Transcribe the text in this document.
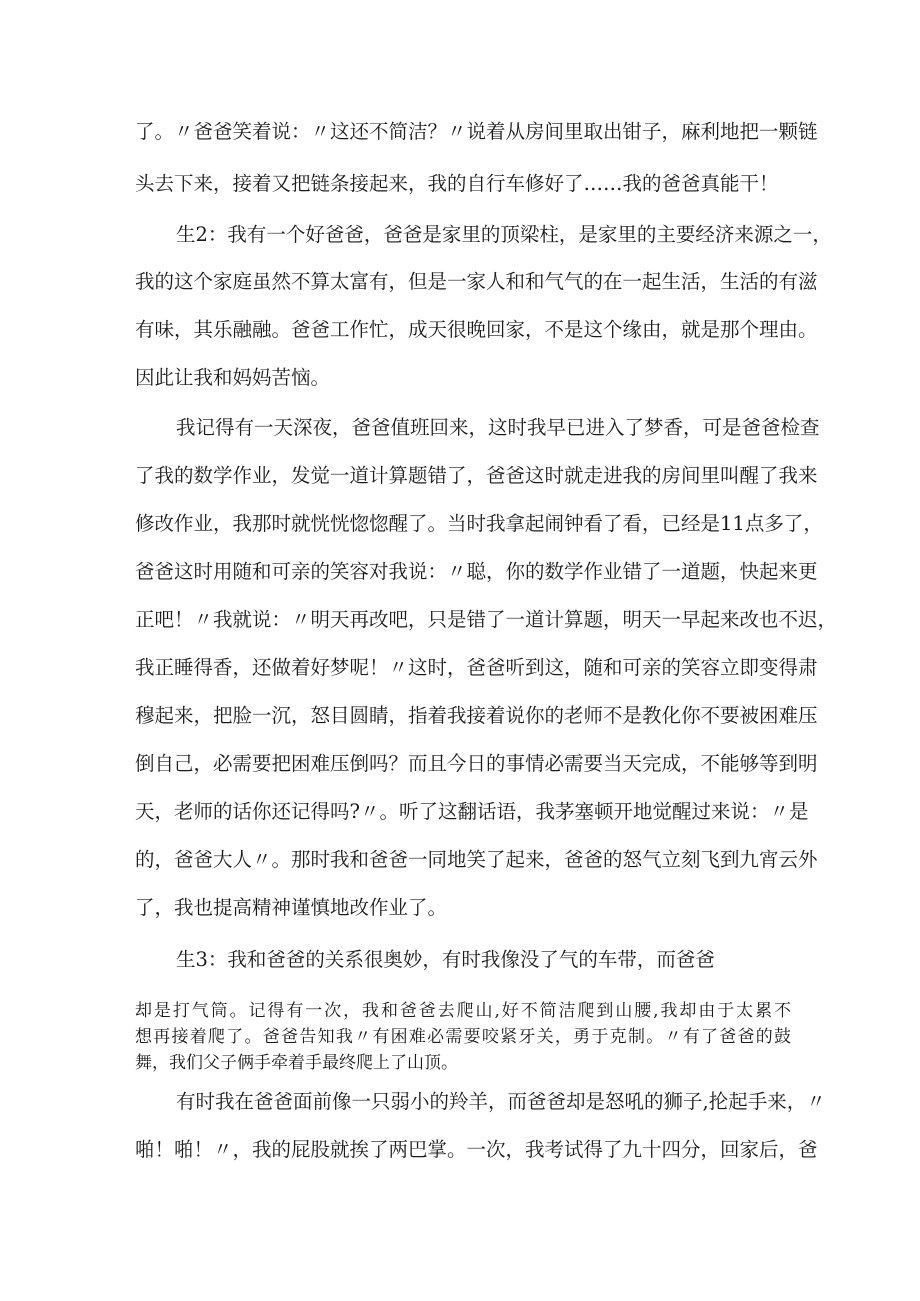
了。〃爸爸笑着说：〃这还不简洁？〃说着从房间里取出钳子，麻利地把一颗链
头去下来，接着又把链条接起来，我的自行车修好了……我的爸爸真能干！
生2：我有一个好爸爸，爸爸是家里的顶梁柱，是家里的主要经济来源之一，
我的这个家庭虽然不算太富有，但是一家人和和气气的在一起生活，生活的有滋
有味，其乐融融。爸爸工作忙，成天很晚回家，不是这个缘由，就是那个理由。
因此让我和妈妈苦恼。
我记得有一天深夜，爸爸值班回来，这时我早已进入了梦香，可是爸爸检查
了我的数学作业，发觉一道计算题错了，爸爸这时就走进我的房间里叫醒了我来
修改作业，我那时就恍恍惚惚醒了。当时我拿起闹钟看了看，已经是11点多了，
爸爸这时用随和可亲的笑容对我说：〃聪，你的数学作业错了一道题，快起来更
正吧！〃我就说：〃明天再改吧，只是错了一道计算题，明天一早起来改也不迟，
我正睡得香，还做着好梦呢！〃这时，爸爸听到这，随和可亲的笑容立即变得肃
穆起来，把脸一沉，怒目圆睛，指着我接着说你的老师不是教化你不要被困难压
倒自己，必需要把困难压倒吗？而且今日的事情必需要当天完成，不能够等到明
天，老师的话你还记得吗?〃。听了这翻话语，我茅塞顿开地觉醒过来说：〃是
的，爸爸大人〃。那时我和爸爸一同地笑了起来，爸爸的怒气立刻飞到九宵云外
了，我也提高精神谨慎地改作业了。
生3：我和爸爸的关系很奥妙，有时我像没了气的车带，而爸爸
却是打气筒。记得有一次，我和爸爸去爬山,好不简洁爬到山腰,我却由于太累不
想再接着爬了。爸爸告知我〃有困难必需要咬紧牙关，勇于克制。〃有了爸爸的鼓
舞，我们父子俩手牵着手最终爬上了山顶。
有时我在爸爸面前像一只弱小的羚羊，而爸爸却是怒吼的狮子,抡起手来，〃
啪！啪！〃，我的屁股就挨了两巴掌。一次，我考试得了九十四分，回家后，爸
